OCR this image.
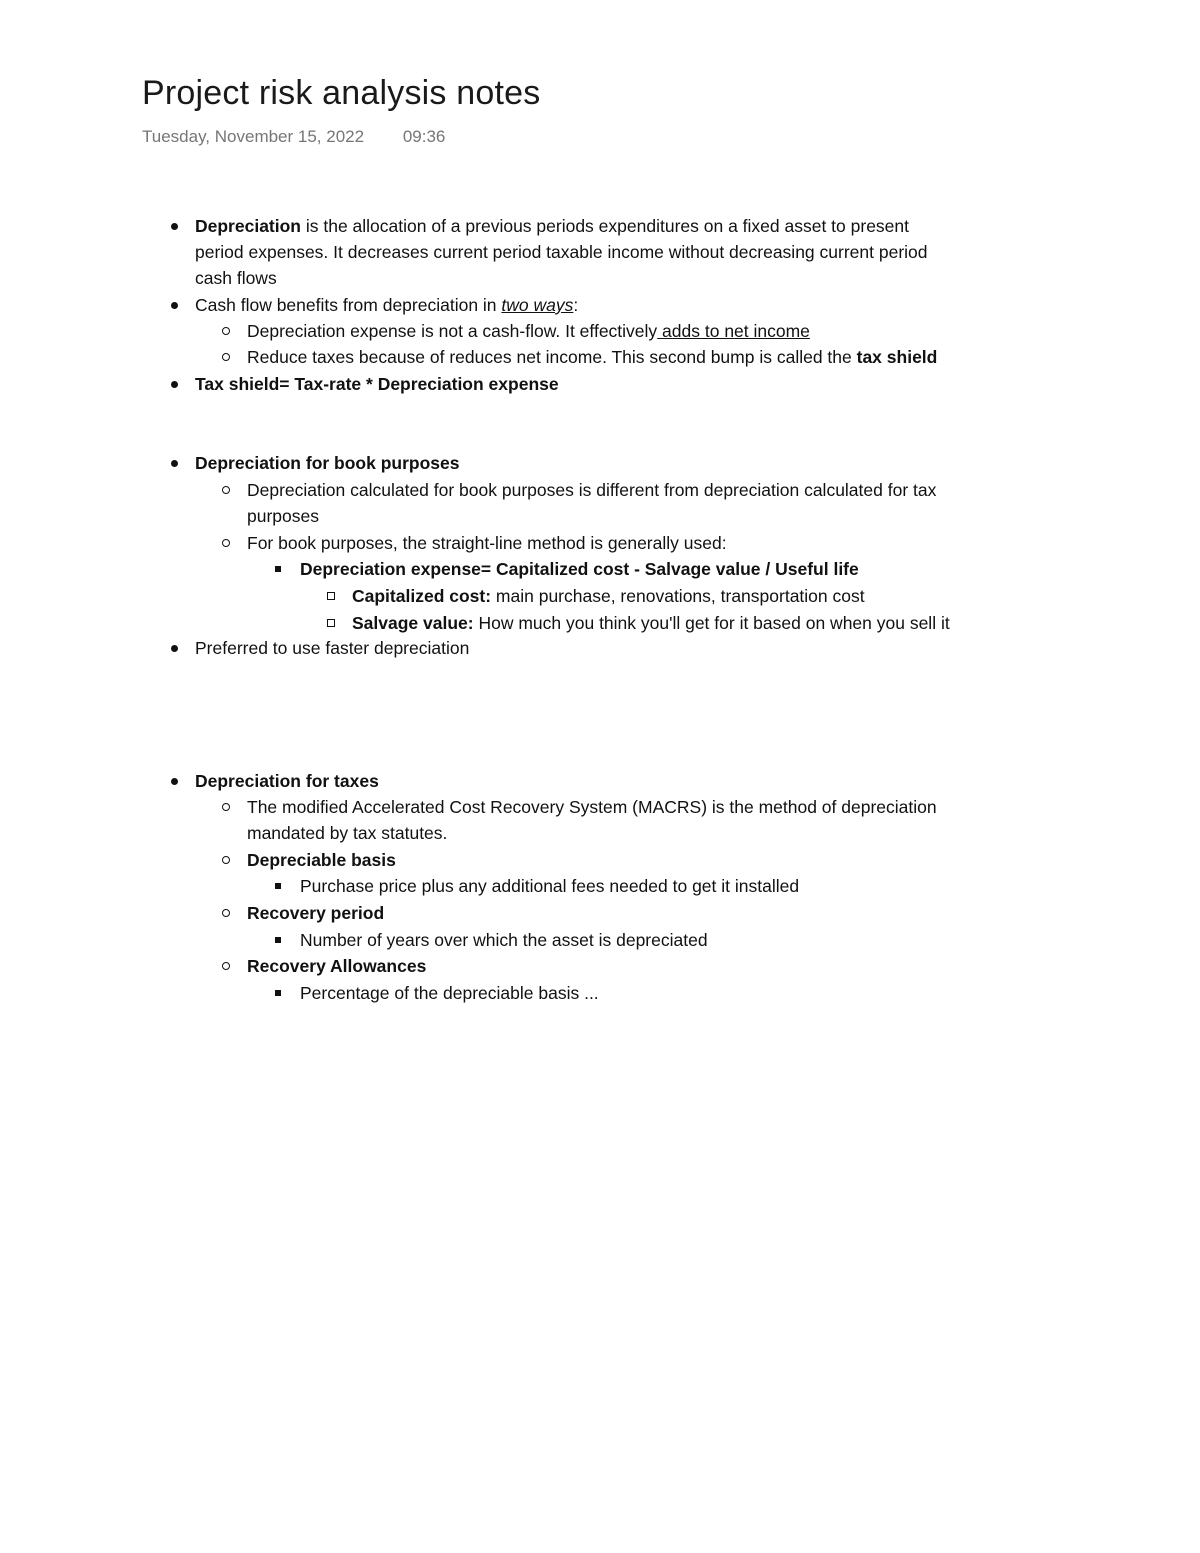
Project risk analysis notes
Tuesday, November 15, 2022 09:36
Depreciation is the allocation of a previous periods expenditures on a fixed asset to present
period expenses. It decreases current period taxable income without decreasing current period
cash flows
Cash flow benefits from depreciation in two ways:
Depreciation expense is not a cash-flow. It effectively adds to net income
Reduce taxes because of reduces net income. This second bump is called the tax shield
Tax shield= Tax-rate * Depreciation expense
Depreciation for book purposes
Depreciation calculated for book purposes is different from depreciation calculated for tax
purposes
For book purposes, the straight-line method is generally used:
Depreciation expense= Capitalized cost - Salvage value / Useful life
Capitalized cost: main purchase, renovations, transportation cost
Salvage value: How much you think you'll get for it based on when you sell it
Preferred to use faster depreciation
Depreciation for taxes
The modified Accelerated Cost Recovery System (MACRS) is the method of depreciation
mandated by tax statutes.
Depreciable basis
Purchase price plus any additional fees needed to get it installed
Recovery period
Number of years over which the asset is depreciated
Recovery Allowances
Percentage of the depreciable basis ...
